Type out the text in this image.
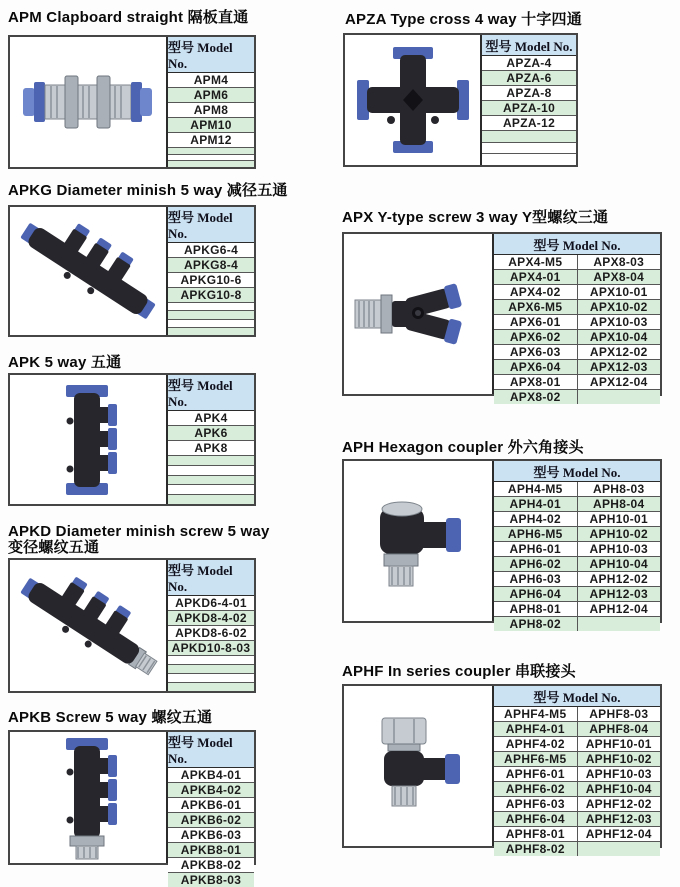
APM Clapboard straight 隔板直通
型号 Model No.
APM4
APM6
APM8
APM10
APM12
APKG Diameter minish 5 way 减径五通
型号 Model No.
APKG6-4
APKG8-4
APKG10-6
APKG10-8
APK 5 way 五通
型号 Model No.
APK4
APK6
APK8
APKD Diameter minish screw 5 way
变径螺纹五通
型号 Model No.
APKD6-4-01
APKD8-4-02
APKD8-6-02
APKD10-8-03
APKB Screw 5 way 螺纹五通
型号 Model No.
APKB4-01
APKB4-02
APKB6-01
APKB6-02
APKB6-03
APKB8-01
APKB8-02
APKB8-03
APZA Type cross 4 way 十字四通
型号 Model No.
APZA-4
APZA-6
APZA-8
APZA-10
APZA-12
APX Y-type screw 3 way Y型螺纹三通
型号 Model No.
APX4-M5	APX8-03
APX4-01	APX8-04
APX4-02	APX10-01
APX6-M5	APX10-02
APX6-01	APX10-03
APX6-02	APX10-04
APX6-03	APX12-02
APX6-04	APX12-03
APX8-01	APX12-04
APX8-02
APH Hexagon coupler 外六角接头
型号 Model No.
APH4-M5	APH8-03
APH4-01	APH8-04
APH4-02	APH10-01
APH6-M5	APH10-02
APH6-01	APH10-03
APH6-02	APH10-04
APH6-03	APH12-02
APH6-04	APH12-03
APH8-01	APH12-04
APH8-02
APHF In series coupler 串联接头
型号 Model No.
APHF4-M5	APHF8-03
APHF4-01	APHF8-04
APHF4-02	APHF10-01
APHF6-M5	APHF10-02
APHF6-01	APHF10-03
APHF6-02	APHF10-04
APHF6-03	APHF12-02
APHF6-04	APHF12-03
APHF8-01	APHF12-04
APHF8-02
